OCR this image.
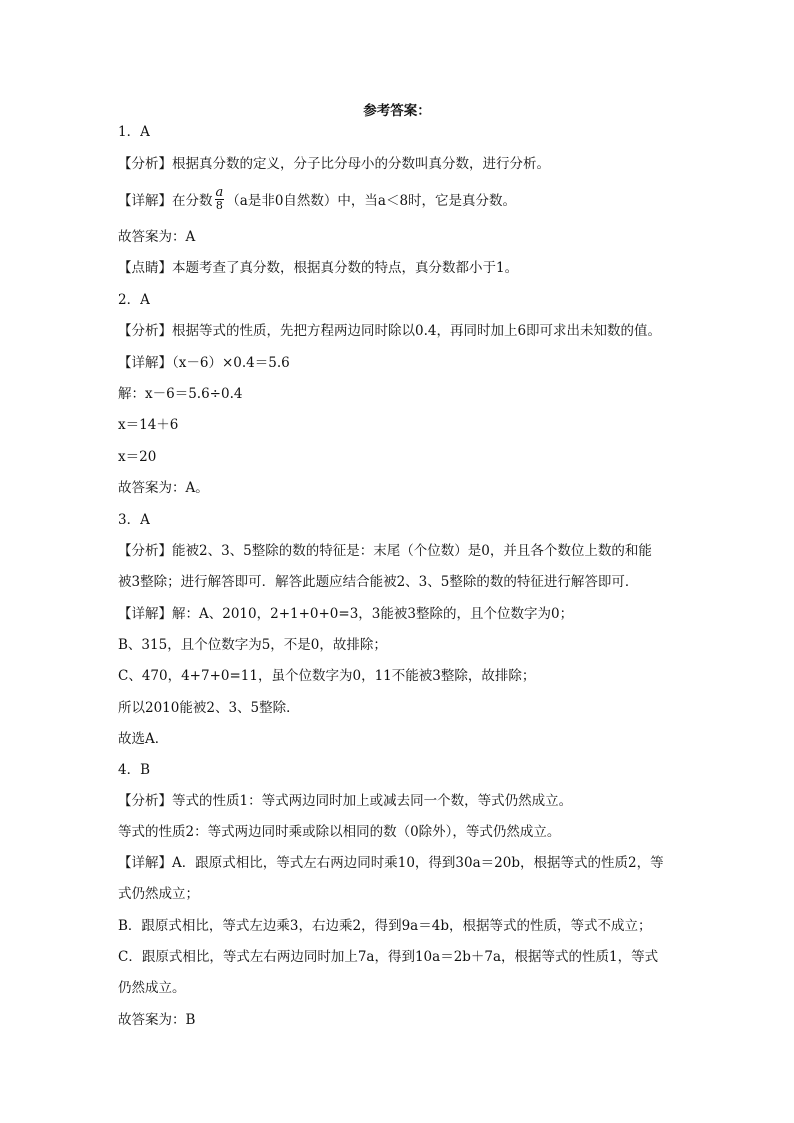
参考答案：
1．A
【分析】根据真分数的定义，分子比分母小的分数叫真分数，进行分析。
【详解】在分数 $\frac{a}{8} (a$是非0自然数）中，当a＜8时，它是真分数。
故答案为：A
【点睛】本题考查了真分数，根据真分数的特点，真分数都小于1。
2．A
【分析】根据等式的性质，先把方程两边同时除以0.4，再同时加上6即可求出未知数的值。
【详解】（x－6）×0.4＝5.6
解：x－6＝5.6÷0.4
x＝14＋6
x＝20
故答案为：A。
3．A
【分析】能被2、3、5整除的数的特征是：末尾（个位数）是0，并且各个数位上数的和能
被3整除；进行解答即可．解答此题应结合能被2、3、5整除的数的特征进行解答即可．
【详解】解：A、2010，2+1+0+0=3，3能被3整除的，且个位数字为0；
B、315，且个位数字为5，不是0，故排除；
C、470，4+7+0=11，虽个位数字为0，11不能被3整除，故排除；
所以2010能被2、3、5整除．
故选A．
4．B
【分析】等式的性质1：等式两边同时加上或减去同一个数，等式仍然成立。
等式的性质2：等式两边同时乘或除以相同的数（0除外），等式仍然成立。
【详解】A．跟原式相比，等式左右两边同时乘10，得到30a＝20b，根据等式的性质2，等
式仍然成立；
B．跟原式相比，等式左边乘3，右边乘2，得到9a＝4b，根据等式的性质，等式不成立；
C．跟原式相比，等式左右两边同时加上7a，得到10a＝2b＋7a，根据等式的性质1，等式
仍然成立。
故答案为：B
